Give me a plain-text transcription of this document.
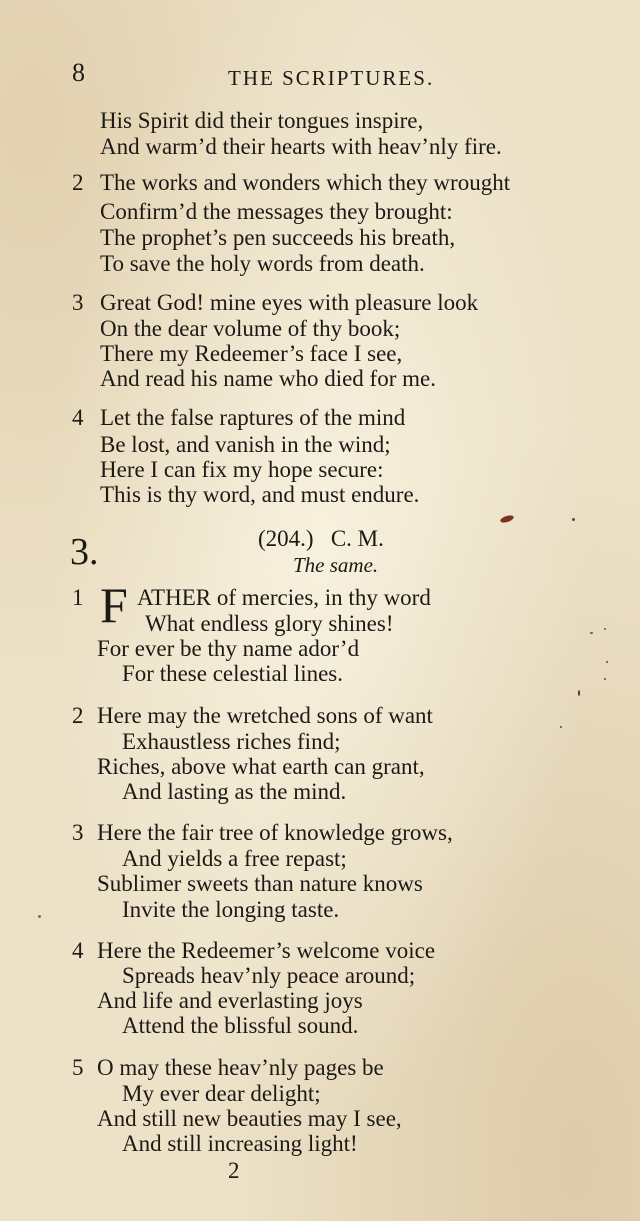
8	THE SCRIPTURES.
His Spirit did their tongues inspire,
And warm’d their hearts with heav’nly fire.
2 The works and wonders which they wrought
Confirm’d the messages they brought:
The prophet’s pen succeeds his breath,
To save the holy words from death.
3 Great God! mine eyes with pleasure look
On the dear volume of thy book;
There my Redeemer’s face I see,
And read his name who died for me.
4 Let the false raptures of the mind
Be lost, and vanish in the wind;
Here I can fix my hope secure:
This is thy word, and must endure.
3.	(204.)   C. M.
The same.
1 F ATHER of mercies, in thy word
What endless glory shines!
For ever be thy name ador’d
For these celestial lines.
2 Here may the wretched sons of want
Exhaustless riches find;
Riches, above what earth can grant,
And lasting as the mind.
3 Here the fair tree of knowledge grows,
And yields a free repast;
Sublimer sweets than nature knows
Invite the longing taste.
4 Here the Redeemer’s welcome voice
Spreads heav’nly peace around;
And life and everlasting joys
Attend the blissful sound.
5 O may these heav’nly pages be
My ever dear delight;
And still new beauties may I see,
And still increasing light!
2
